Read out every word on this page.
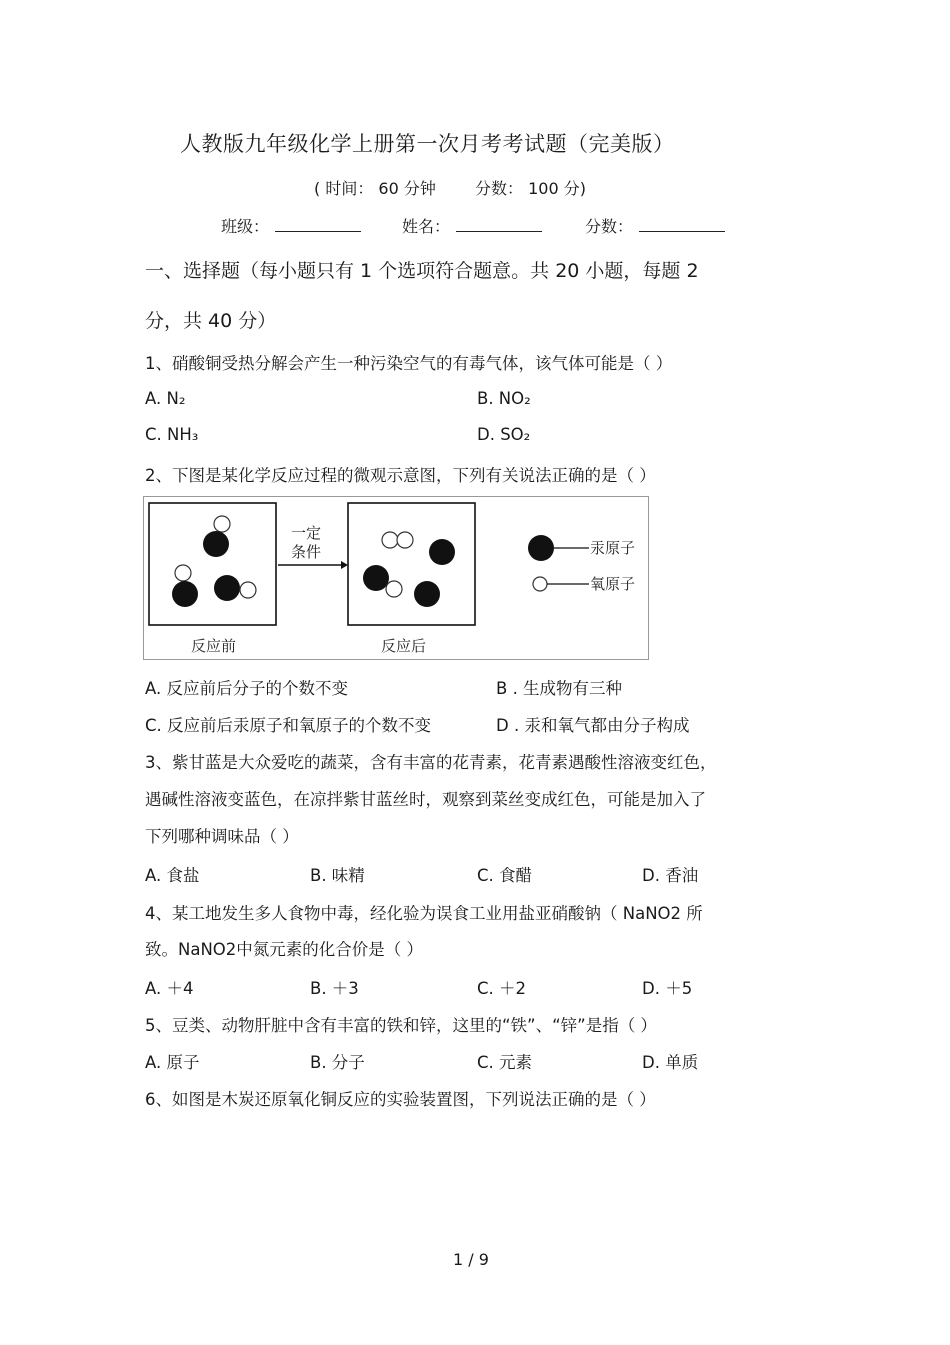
人教版九年级化学上册第一次月考考试题（完美版）
( 时间： 60 分钟 分数： 100 分)
班级：	姓名：	分数：
一、选择题（每小题只有 1 个选项符合题意。共 20 小题，每题 2
分，共 40 分）
1、硝酸铜受热分解会产生一种污染空气的有毒气体，该气体可能是（ ）
A. N₂	B. NO₂
C. NH₃	D. SO₂
2、下图是某化学反应过程的微观示意图，下列有关说法正确的是（ ）
一定
条件
反应前	反应后
汞原子
氧原子
A. 反应前后分子的个数不变	B . 生成物有三种
C. 反应前后汞原子和氧原子的个数不变	D . 汞和氧气都由分子构成
3、紫甘蓝是大众爱吃的蔬菜，含有丰富的花青素，花青素遇酸性溶液变红色，
遇碱性溶液变蓝色，在凉拌紫甘蓝丝时，观察到菜丝变成红色，可能是加入了
下列哪种调味品（ ）
A. 食盐	B. 味精	C. 食醋	D. 香油
4、某工地发生多人食物中毒，经化验为误食工业用盐亚硝酸钠（ NaNO2 所
致。NaNO2中氮元素的化合价是（ ）
A. ＋4	B. ＋3	C. ＋2	D. ＋5
5、豆类、动物肝脏中含有丰富的铁和锌，这里的“铁”、“锌”是指（ ）
A. 原子	B. 分子	C. 元素	D. 单质
6、如图是木炭还原氧化铜反应的实验装置图，下列说法正确的是（ ）
1 / 9
